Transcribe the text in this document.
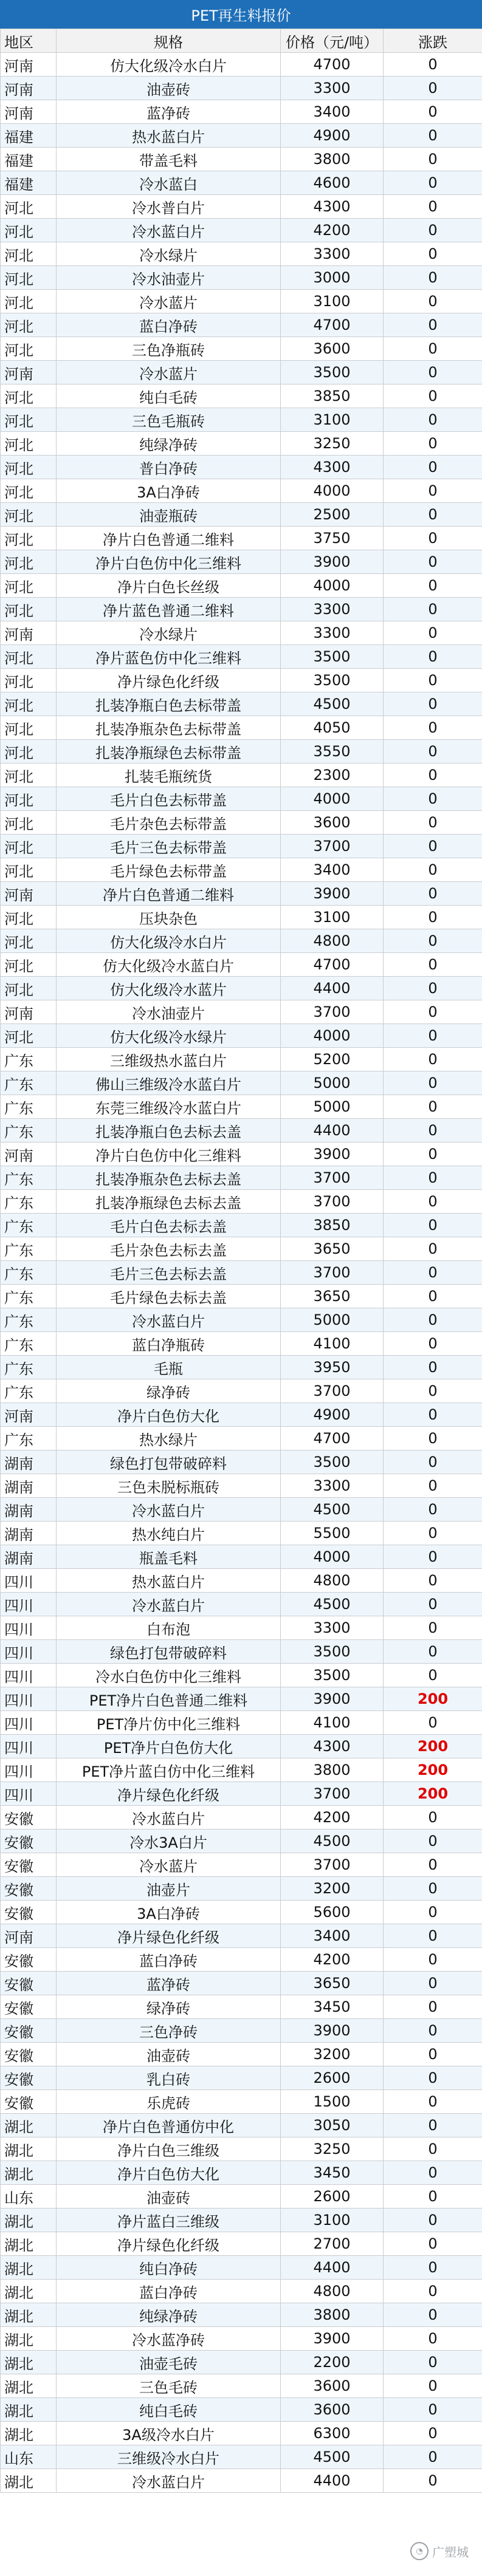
PET再生料报价
地区	规格	价格（元/吨）	涨跌
河南	仿大化级冷水白片	4700	0
河南	油壶砖	3300	0
河南	蓝净砖	3400	0
福建	热水蓝白片	4900	0
福建	带盖毛料	3800	0
福建	冷水蓝白	4600	0
河北	冷水普白片	4300	0
河北	冷水蓝白片	4200	0
河北	冷水绿片	3300	0
河北	冷水油壶片	3000	0
河北	冷水蓝片	3100	0
河北	蓝白净砖	4700	0
河北	三色净瓶砖	3600	0
河南	冷水蓝片	3500	0
河北	纯白毛砖	3850	0
河北	三色毛瓶砖	3100	0
河北	纯绿净砖	3250	0
河北	普白净砖	4300	0
河北	3A白净砖	4000	0
河北	油壶瓶砖	2500	0
河北	净片白色普通二维料	3750	0
河北	净片白色仿中化三维料	3900	0
河北	净片白色长丝级	4000	0
河北	净片蓝色普通二维料	3300	0
河南	冷水绿片	3300	0
河北	净片蓝色仿中化三维料	3500	0
河北	净片绿色化纤级	3500	0
河北	扎装净瓶白色去标带盖	4500	0
河北	扎装净瓶杂色去标带盖	4050	0
河北	扎装净瓶绿色去标带盖	3550	0
河北	扎装毛瓶统货	2300	0
河北	毛片白色去标带盖	4000	0
河北	毛片杂色去标带盖	3600	0
河北	毛片三色去标带盖	3700	0
河北	毛片绿色去标带盖	3400	0
河南	净片白色普通二维料	3900	0
河北	压块杂色	3100	0
河北	仿大化级冷水白片	4800	0
河北	仿大化级冷水蓝白片	4700	0
河北	仿大化级冷水蓝片	4400	0
河南	冷水油壶片	3700	0
河北	仿大化级冷水绿片	4000	0
广东	三维级热水蓝白片	5200	0
广东	佛山三维级冷水蓝白片	5000	0
广东	东莞三维级冷水蓝白片	5000	0
广东	扎装净瓶白色去标去盖	4400	0
河南	净片白色仿中化三维料	3900	0
广东	扎装净瓶杂色去标去盖	3700	0
广东	扎装净瓶绿色去标去盖	3700	0
广东	毛片白色去标去盖	3850	0
广东	毛片杂色去标去盖	3650	0
广东	毛片三色去标去盖	3700	0
广东	毛片绿色去标去盖	3650	0
广东	冷水蓝白片	5000	0
广东	蓝白净瓶砖	4100	0
广东	毛瓶	3950	0
广东	绿净砖	3700	0
河南	净片白色仿大化	4900	0
广东	热水绿片	4700	0
湖南	绿色打包带破碎料	3500	0
湖南	三色未脱标瓶砖	3300	0
湖南	冷水蓝白片	4500	0
湖南	热水纯白片	5500	0
湖南	瓶盖毛料	4000	0
四川	热水蓝白片	4800	0
四川	冷水蓝白片	4500	0
四川	白布泡	3300	0
四川	绿色打包带破碎料	3500	0
四川	冷水白色仿中化三维料	3500	0
四川	PET净片白色普通二维料	3900	200
四川	PET净片仿中化三维料	4100	0
四川	PET净片白色仿大化	4300	200
四川	PET净片蓝白仿中化三维料	3800	200
四川	净片绿色化纤级	3700	200
安徽	冷水蓝白片	4200	0
安徽	冷水3A白片	4500	0
安徽	冷水蓝片	3700	0
安徽	油壶片	3200	0
安徽	3A白净砖	5600	0
河南	净片绿色化纤级	3400	0
安徽	蓝白净砖	4200	0
安徽	蓝净砖	3650	0
安徽	绿净砖	3450	0
安徽	三色净砖	3900	0
安徽	油壶砖	3200	0
安徽	乳白砖	2600	0
安徽	乐虎砖	1500	0
湖北	净片白色普通仿中化	3050	0
湖北	净片白色三维级	3250	0
湖北	净片白色仿大化	3450	0
山东	油壶砖	2600	0
湖北	净片蓝白三维级	3100	0
湖北	净片绿色化纤级	2700	0
湖北	纯白净砖	4400	0
湖北	蓝白净砖	4800	0
湖北	纯绿净砖	3800	0
湖北	冷水蓝净砖	3900	0
湖北	油壶毛砖	2200	0
湖北	三色毛砖	3600	0
湖北	纯白毛砖	3600	0
湖北	3A级冷水白片	6300	0
山东	三维级冷水白片	4500	0
湖北	冷水蓝白片	4400	0
◔ 广塑城
